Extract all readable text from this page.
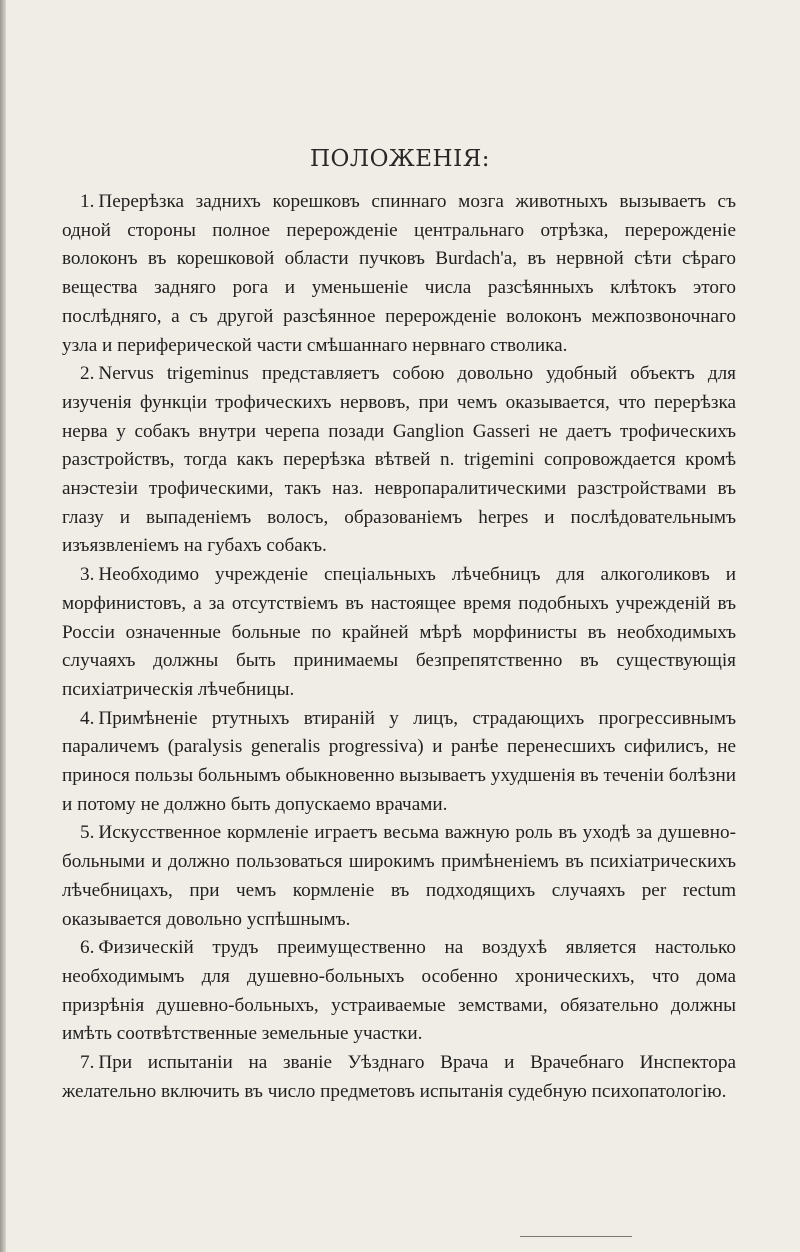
ПОЛОЖЕНІЯ:

1. Перерѣзка заднихъ корешковъ спиннаго мозга животныхъ вызываетъ съ одной стороны полное перерожденіе центральнаго отрѣзка, перерожденіе волоконъ въ корешковой области пучковъ Burdach'а, въ нервной сѣти сѣраго вещества задняго рога и уменьшеніе числа разсѣянныхъ клѣтокъ этого послѣдняго, а съ другой разсѣянное перерожденіе волоконъ межпозвоночнаго узла и периферической части смѣшаннаго нервнаго стволика.

2. Nervus trigeminus представляетъ собою довольно удобный объектъ для изученія функціи трофическихъ нервовъ, при чемъ оказывается, что перерѣзка нерва у собакъ внутри черепа позади Ganglion Gasseri не даетъ трофическихъ разстройствъ, тогда какъ перерѣзка вѣтвей n. trigemini сопровождается кромѣ анэстезіи трофическими, такъ наз. невропаралитическими разстройствами въ глазу и выпаденіемъ волосъ, образованіемъ herpes и послѣдовательнымъ изъязвленіемъ на губахъ собакъ.

3. Необходимо учрежденіе спеціальныхъ лѣчебницъ для алкоголиковъ и морфинистовъ, а за отсутствіемъ въ настоящее время подобныхъ учрежденій въ Россіи означенные больные по крайней мѣрѣ морфинисты въ необходимыхъ случаяхъ должны быть принимаемы безпрепятственно въ существующія психіатрическія лѣчебницы.

4. Примѣненіе ртутныхъ втираній у лицъ, страдающихъ прогрессивнымъ параличемъ (paralysis generalis progressiva) и ранѣе перенесшихъ сифилисъ, не принося пользы больнымъ обыкновенно вызываетъ ухудшенія въ теченіи болѣзни и потому не должно быть допускаемо врачами.

5. Искусственное кормленіе играетъ весьма важную роль въ уходѣ за душевно-больными и должно пользоваться широкимъ примѣненіемъ въ психіатрическихъ лѣчебницахъ, при чемъ кормленіе въ подходящихъ случаяхъ per rectum оказывается довольно успѣшнымъ.

6. Физическій трудъ преимущественно на воздухѣ является настолько необходимымъ для душевно-больныхъ особенно хроническихъ, что дома призрѣнія душевно-больныхъ, устраиваемые земствами, обязательно должны имѣть соотвѣтственные земельные участки.

7. При испытаніи на званіе Уѣзднаго Врача и Врачебнаго Инспектора желательно включить въ число предметовъ испытанія судебную психопатологію.
